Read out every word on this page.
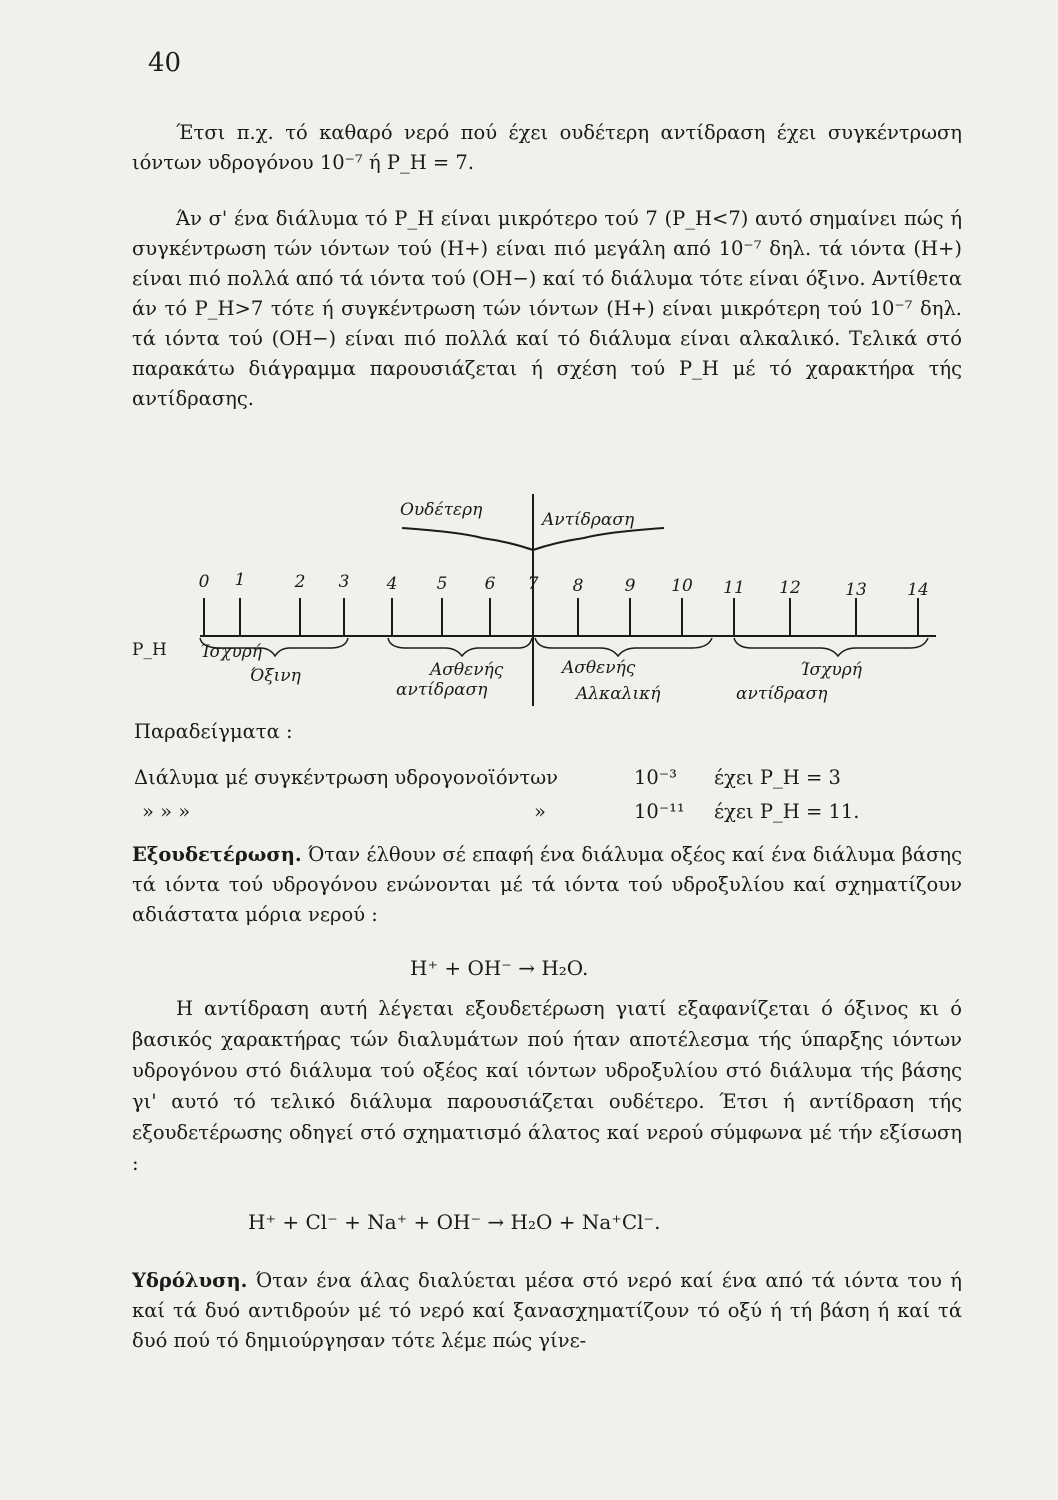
40

Έτσι π.χ. τό καθαρό νερό πού έχει ουδέτερη αντίδραση έχει συγκέντρωση ιόντων υδρογόνου 10⁻⁷ ή P_H = 7.

Άν σ' ένα διάλυμα τό P_H είναι μικρότερο τού 7 (P_H<7) αυτό σημαίνει πώς ή συγκέντρωση τών ιόντων τού (H+) είναι πιό μεγάλη από 10⁻⁷ δηλ. τά ιόντα (H+) είναι πιό πολλά από τά ιόντα τού (OH−) καί τό διάλυμα τότε είναι όξινο. Αντίθετα άν τό P_H>7 τότε ή συγκέντρωση τών ιόντων (H+) είναι μικρότερη τού 10⁻⁷ δηλ. τά ιόντα τού (OH−) είναι πιό πολλά καί τό διάλυμα είναι αλκαλικό. Τελικά στό παρακάτω διάγραμμα παρουσιάζεται ή σχέση τού P_H μέ τό χαρακτήρα τής αντίδρασης.

Ουδέτερη	Αντίδραση
0	1	2	3	4	5	6	7	8	9	10 11 12	13 14
P_H Ίσχυρή
Όξινη	Ασθενής
αντίδραση
Ασθενής
Αλκαλική
Ίσχυρή
αντίδραση
Παραδείγματα :
Διάλυμα μέ συγκέντρωση υδρογονοϊόντων	10⁻³ έχει P_H = 3
» » »	»	10⁻¹¹ έχει P_H = 11.

Εξουδετέρωση. Όταν έλθουν σέ επαφή ένα διάλυμα οξέος καί ένα διάλυμα βάσης τά ιόντα τού υδρογόνου ενώνονται μέ τά ιόντα τού υδροξυλίου καί σχηματίζουν αδιάστατα μόρια νερού :

H⁺ + OH⁻ → H₂O.

Η αντίδραση αυτή λέγεται εξουδετέρωση γιατί εξαφανίζεται ό όξινος κι ό βασικός χαρακτήρας τών διαλυμάτων πού ήταν αποτέλεσμα τής ύπαρξης ιόντων υδρογόνου στό διάλυμα τού οξέος καί ιόντων υδροξυλίου στό διάλυμα τής βάσης γι' αυτό τό τελικό διάλυμα παρουσιάζεται ουδέτερο. Έτσι ή αντίδραση τής εξουδετέρωσης οδηγεί στό σχηματισμό άλατος καί νερού σύμφωνα μέ τήν εξίσωση :

H⁺ + Cl⁻ + Na⁺ + OH⁻ → H₂O + Na⁺Cl⁻.

Υδρόλυση. Όταν ένα άλας διαλύεται μέσα στό νερό καί ένα από τά ιόντα του ή καί τά δυό αντιδρούν μέ τό νερό καί ξανασχηματίζουν τό οξύ ή τή βάση ή καί τά δυό πού τό δημιούργησαν τότε λέμε πώς γίνε-
